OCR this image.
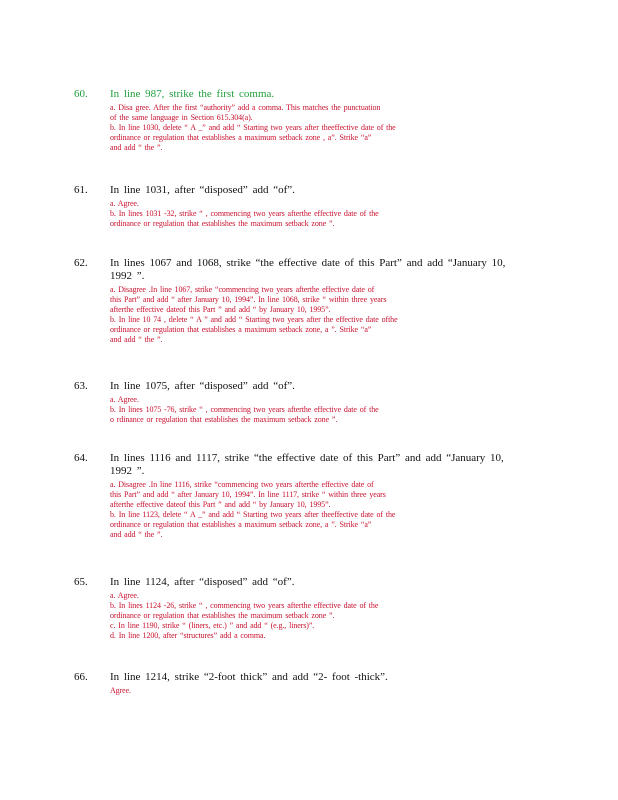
60. In line 987, strike the first comma.
a. Disa gree. After the first “authority” add a comma. This matches the punctuation
of the same language in Section 615.304(a).
b. In line 1030, delete “ A _” and add “ Starting two years after theeffective date of the
ordinance or regulation that establishes a maximum setback zone , a”. Strike “a”
and add “ the ”.
61. In line 1031, after “disposed” add “of”.
a. Agree.
b. In lines 1031 -32, strike “ , commencing two years afterthe effective date of the
ordinance or regulation that establishes the maximum setback zone ”.
62. In lines 1067 and 1068, strike “the effective date of this Part” and add “January 10,
1992 ”.
a. Disagree .In line 1067, strike “commencing two years afterthe effective date of
this Part” and add “ after January 10, 1994”. In line 1068, strike “ within three years
afterthe effective dateof this Part ” and add “ by January 10, 1995”.
b. In line 10 74 , delete “ A ” and add “ Starting two years after the effective date ofthe
ordinance or regulation that establishes a maximum setback zone, a ”. Strike “a”
and add “ the ”.
63. In line 1075, after “disposed” add “of”.
a. Agree.
b. In lines 1075 -76, strike “ , commencing two years afterthe effective date of the
o rdinance or regulation that establishes the maximum setback zone ”.
64. In lines 1116 and 1117, strike “the effective date of this Part” and add “January 10,
1992 ”.
a. Disagree .In line 1116, strike “commencing two years afterthe effective date of
this Part” and add “ after January 10, 1994”. In line 1117, strike “ within three years
afterthe effective dateof this Part ” and add “ by January 10, 1995”.
b. In line 1123, delete “ A _” and add “ Starting two years after theeffective date of the
ordinance or regulation that establishes a maximum setback zone, a ”. Strike “a”
and add “ the ”.
65. In line 1124, after “disposed” add “of”.
a. Agree.
b. In lines 1124 -26, strike “ , commencing two years afterthe effective date of the
ordinance or regulation that establishes the maximum setback zone ”.
c. In line 1190, strike “ (liners, etc.) ” and add “ (e.g., liners)”.
d. In line 1200, after “structures” add a comma.
66. In line 1214, strike “2-foot thick” and add “2- foot -thick”.
Agree.
